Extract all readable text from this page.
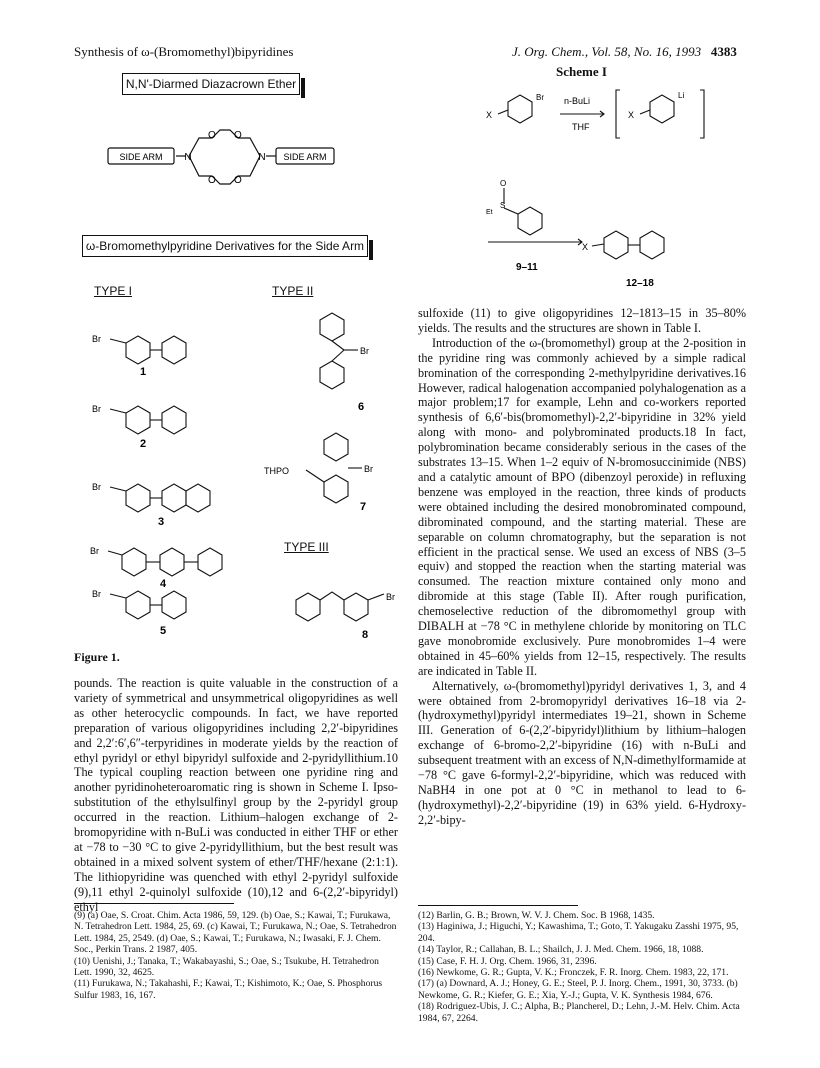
Synthesis of ω-(Bromomethyl)bipyridines	J. Org. Chem., Vol. 58, No. 16, 1993 4383
N,N'-Diarmed Diazacrown Ether
N	N
O O
O O
SIDE ARM	SIDE ARM
ω-Bromomethylpyridine Derivatives for the Side Arm
TYPE I	TYPE II
TYPE III
Br
Br
Br
Br
Br
1
2
3
4
5
Br
Br
THPO
Br
6
7
8
Figure 1.
Scheme I
X
Br n-BuLi
THF
X
Li
O
Et
S
9–11
X
12–18

pounds. The reaction is quite valuable in the construction of a variety of symmetrical and unsymmetrical oligopyridines as well as other heterocyclic compounds. In fact, we have reported preparation of various oligopyridines including 2,2′-bipyridines and 2,2′:6′,6″-terpyridines in moderate yields by the reaction of ethyl pyridyl or ethyl bipyridyl sulfoxide and 2-pyridyllithium.10 The typical coupling reaction between one pyridine ring and another pyridinoheteroaromatic ring is shown in Scheme I. Ipso-substitution of the ethylsulfinyl group by the 2-pyridyl group occurred in the reaction. Lithium–halogen exchange of 2-bromopyridine with n-BuLi was conducted in either THF or ether at −78 to −30 °C to give 2-pyridyllithium, but the best result was obtained in a mixed solvent system of ether/THF/hexane (2:1:1). The lithiopyridine was quenched with ethyl 2-pyridyl sulfoxide (9),11 ethyl 2-quinolyl sulfoxide (10),12 and 6-(2,2′-bipyridyl) ethyl

(9) (a) Oae, S. Croat. Chim. Acta 1986, 59, 129. (b) Oae, S.; Kawai, T.; Furukawa, N. Tetrahedron Lett. 1984, 25, 69. (c) Kawai, T.; Furukawa, N.; Oae, S. Tetrahedron Lett. 1984, 25, 2549. (d) Oae, S.; Kawai, T.; Furukawa, N.; Iwasaki, F. J. Chem. Soc., Perkin Trans. 2 1987, 405.

(10) Uenishi, J.; Tanaka, T.; Wakabayashi, S.; Oae, S.; Tsukube, H. Tetrahedron Lett. 1990, 32, 4625.

(11) Furukawa, N.; Takahashi, F.; Kawai, T.; Kishimoto, K.; Oae, S. Phosphorus Sulfur 1983, 16, 167.

sulfoxide (11) to give oligopyridines 12–1813–15 in 35–80% yields. The results and the structures are shown in Table I.

Introduction of the ω-(bromomethyl) group at the 2-position in the pyridine ring was commonly achieved by a simple radical bromination of the corresponding 2-methylpyridine derivatives.16 However, radical halogenation accompanied polyhalogenation as a major problem;17 for example, Lehn and co-workers reported synthesis of 6,6′-bis(bromomethyl)-2,2′-bipyridine in 32% yield along with mono- and polybrominated products.18 In fact, polybromination became considerably serious in the cases of the substrates 13–15. When 1–2 equiv of N-bromosuccinimide (NBS) and a catalytic amount of BPO (dibenzoyl peroxide) in refluxing benzene was employed in the reaction, three kinds of products were obtained including the desired monobrominated compound, dibrominated compound, and the starting material. These are separable on column chromatography, but the separation is not efficient in the practical sense. We used an excess of NBS (3–5 equiv) and stopped the reaction when the starting material was consumed. The reaction mixture contained only mono and dibromide at this stage (Table II). After rough purification, chemoselective reduction of the dibromomethyl group with DIBALH at −78 °C in methylene chloride by monitoring on TLC gave monobromide exclusively. Pure monobromides 1–4 were obtained in 45–60% yields from 12–15, respectively. The results are indicated in Table II.

Alternatively, ω-(bromomethyl)pyridyl derivatives 1, 3, and 4 were obtained from 2-bromopyridyl derivatives 16–18 via 2-(hydroxymethyl)pyridyl intermediates 19–21, shown in Scheme III. Generation of 6-(2,2′-bipyridyl)lithium by lithium–halogen exchange of 6-bromo-2,2′-bipyridine (16) with n-BuLi and subsequent treatment with an excess of N,N-dimethylformamide at −78 °C gave 6-formyl-2,2′-bipyridine, which was reduced with NaBH4 in one pot at 0 °C in methanol to lead to 6-(hydroxymethyl)-2,2′-bipyridine (19) in 63% yield. 6-Hydroxy-2,2′-bipy-

(12) Barlin, G. B.; Brown, W. V. J. Chem. Soc. B 1968, 1435.

(13) Haginiwa, J.; Higuchi, Y.; Kawashima, T.; Goto, T. Yakugaku Zasshi 1975, 95, 204.

(14) Taylor, R.; Callahan, B. L.; Shailch, J. J. Med. Chem. 1966, 18, 1088.

(15) Case, F. H. J. Org. Chem. 1966, 31, 2396.

(16) Newkome, G. R.; Gupta, V. K.; Fronczek, F. R. Inorg. Chem. 1983, 22, 171.

(17) (a) Downard, A. J.; Honey, G. E.; Steel, P. J. Inorg. Chem., 1991, 30, 3733. (b) Newkome, G. R.; Kiefer, G. E.; Xia, Y.-J.; Gupta, V. K. Synthesis 1984, 676.

(18) Rodriguez-Ubis, J. C.; Alpha, B.; Plancherel, D.; Lehn, J.-M. Helv. Chim. Acta 1984, 67, 2264.
